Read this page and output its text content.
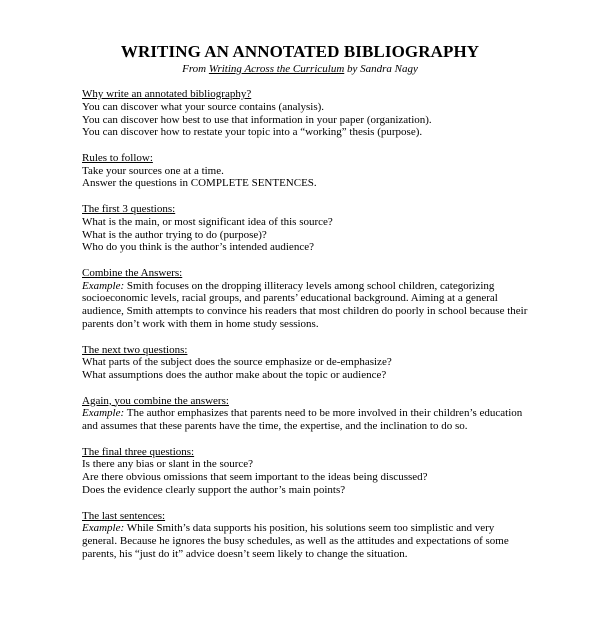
WRITING AN ANNOTATED BIBLIOGRAPHY
From Writing Across the Curriculum by Sandra Nagy
Why write an annotated bibliography?
You can discover what your source contains (analysis).
You can discover how best to use that information in your paper (organization).
You can discover how to restate your topic into a “working” thesis (purpose).
Rules to follow:
Take your sources one at a time.
Answer the questions in COMPLETE SENTENCES.
The first 3 questions:
What is the main, or most significant idea of this source?
What is the author trying to do (purpose)?
Who do you think is the author’s intended audience?
Combine the Answers:
Example: Smith focuses on the dropping illiteracy levels among school children, categorizing socioeconomic levels, racial groups, and parents’ educational background. Aiming at a general audience, Smith attempts to convince his readers that most children do poorly in school because their parents don’t work with them in home study sessions.
The next two questions:
What parts of the subject does the source emphasize or de-emphasize?
What assumptions does the author make about the topic or audience?
Again, you combine the answers:
Example: The author emphasizes that parents need to be more involved in their children’s education and assumes that these parents have the time, the expertise, and the inclination to do so.
The final three questions:
Is there any bias or slant in the source?
Are there obvious omissions that seem important to the ideas being discussed?
Does the evidence clearly support the author’s main points?
The last sentences:
Example: While Smith’s data supports his position, his solutions seem too simplistic and very general. Because he ignores the busy schedules, as well as the attitudes and expectations of some parents, his “just do it” advice doesn’t seem likely to change the situation.
